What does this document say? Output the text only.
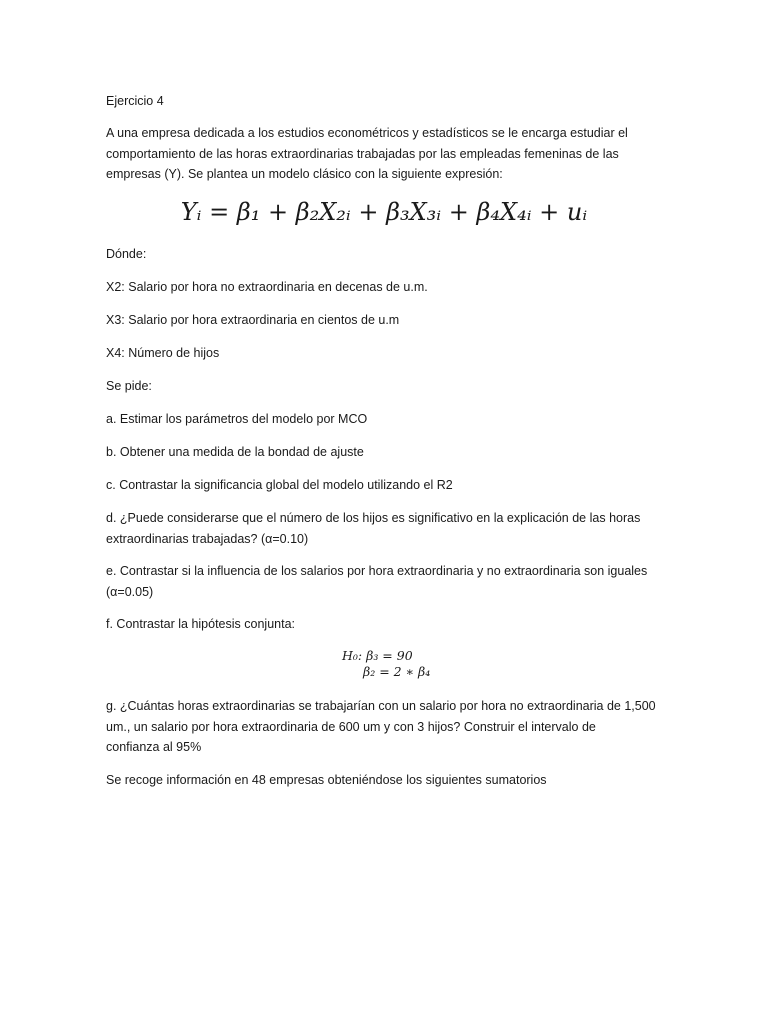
Ejercicio 4
A una empresa dedicada a los estudios econométricos y estadísticos se le encarga estudiar el
comportamiento de las horas extraordinarias trabajadas por las empleadas femeninas de las
empresas (Y). Se plantea un modelo clásico con la siguiente expresión:
Yᵢ = β₁ + β₂X₂ᵢ + β₃X₃ᵢ + β₄X₄ᵢ + uᵢ
Dónde:
X2: Salario por hora no extraordinaria en decenas de u.m.
X3: Salario por hora extraordinaria en cientos de u.m
X4: Número de hijos
Se pide:
a. Estimar los parámetros del modelo por MCO
b. Obtener una medida de la bondad de ajuste
c. Contrastar la significancia global del modelo utilizando el R2
d. ¿Puede considerarse que el número de los hijos es significativo en la explicación de las horas
extraordinarias trabajadas? (α=0.10)
e. Contrastar si la influencia de los salarios por hora extraordinaria y no extraordinaria son iguales
(α=0.05)
f. Contrastar la hipótesis conjunta:
H₀: β₃ = 90
β₂ = 2 ∗ β₄
g. ¿Cuántas horas extraordinarias se trabajarían con un salario por hora no extraordinaria de 1,500
um., un salario por hora extraordinaria de 600 um y con 3 hijos? Construir el intervalo de
confianza al 95%
Se recoge información en 48 empresas obteniéndose los siguientes sumatorios
